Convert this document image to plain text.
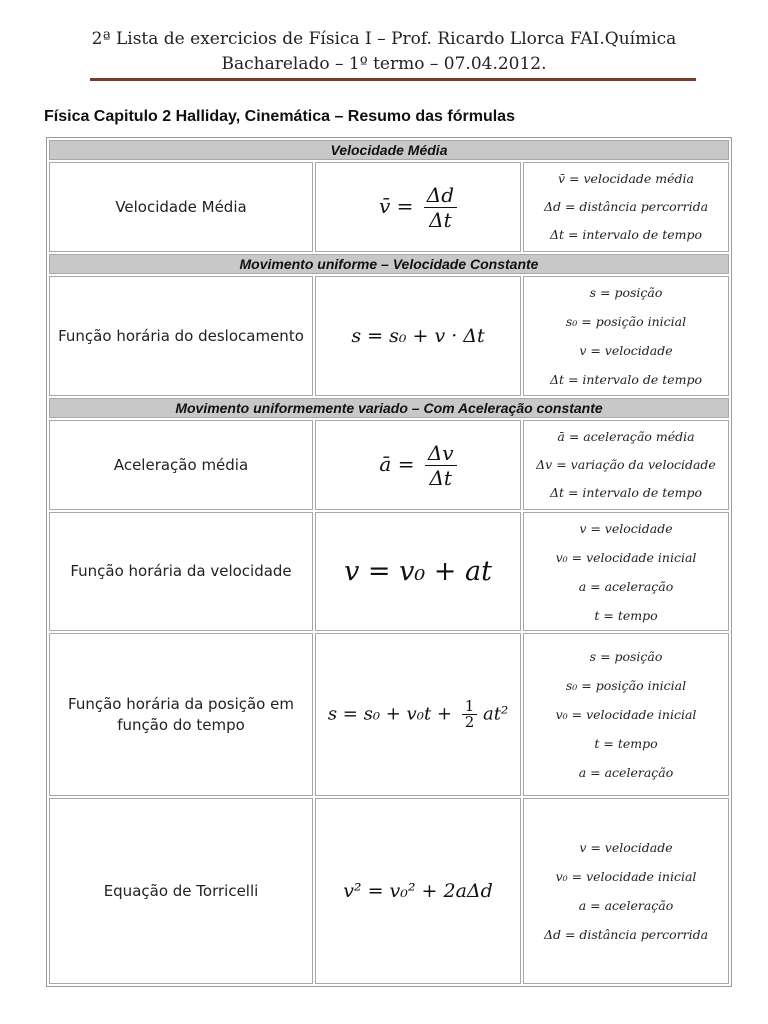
2ª Lista de exercicios de Física I – Prof. Ricardo Llorca FAI.Química
Bacharelado – 1º termo – 07.04.2012.
Física Capitulo 2 Halliday, Cinemática – Resumo das fórmulas
Velocidade Média		
Velocidade Média	v̄ = $\frac{\Delta d}{\Delta t}$	v̄ = velocidade média
Δd = distância percorrida
Δt = intervalo de tempo

Movimento uniforme – Velocidade Constante		
Função horária do deslocamento	s = s₀ + v · Δt	s = posição
s₀ = posição inicial
v = velocidade
Δt = intervalo de tempo

Movimento uniformemente variado – Com Aceleração constante		
Aceleração média	ā = $\frac{\Delta v}{\Delta t}$	ā = aceleração média
Δv = variação da velocidade
Δt = intervalo de tempo

Função horária da velocidade	v = v₀ + at	v = velocidade
v₀ = velocidade inicial
a = aceleração
t = tempo

Função horária da posição em função do tempo	$s = s_0 + v_0t + \frac{1}{2} at^2$	s = posição
s₀ = posição inicial
v₀ = velocidade inicial
t = tempo
a = aceleração

Equação de Torricelli	v² = v₀² + 2aΔd	v = velocidade
v₀ = velocidade inicial
a = aceleração
Δd = distância percorrida
